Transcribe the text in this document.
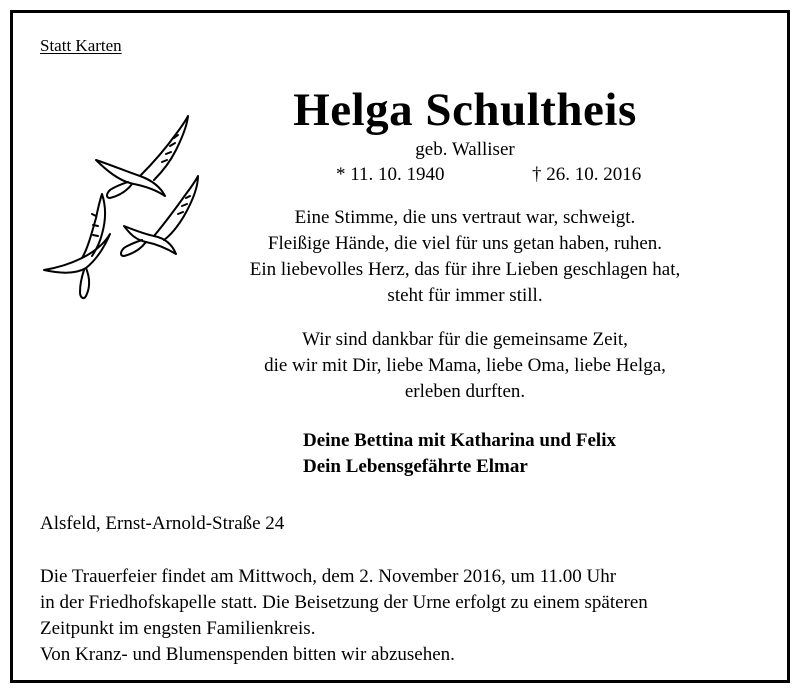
Statt Karten
Helga Schultheis
geb. Walliser
* 11. 10. 1940	† 26. 10. 2016
Eine Stimme, die uns vertraut war, schweigt.
Fleißige Hände, die viel für uns getan haben, ruhen.
Ein liebevolles Herz, das für ihre Lieben geschlagen hat,
steht für immer still.
Wir sind dankbar für die gemeinsame Zeit,
die wir mit Dir, liebe Mama, liebe Oma, liebe Helga,
erleben durften.
Deine Bettina mit Katharina und Felix
Dein Lebensgefährte Elmar
Alsfeld, Ernst-Arnold-Straße 24
Die Trauerfeier findet am Mittwoch, dem 2. November 2016, um 11.00 Uhr
in der Friedhofskapelle statt. Die Beisetzung der Urne erfolgt zu einem späteren
Zeitpunkt im engsten Familienkreis.
Von Kranz- und Blumenspenden bitten wir abzusehen.
